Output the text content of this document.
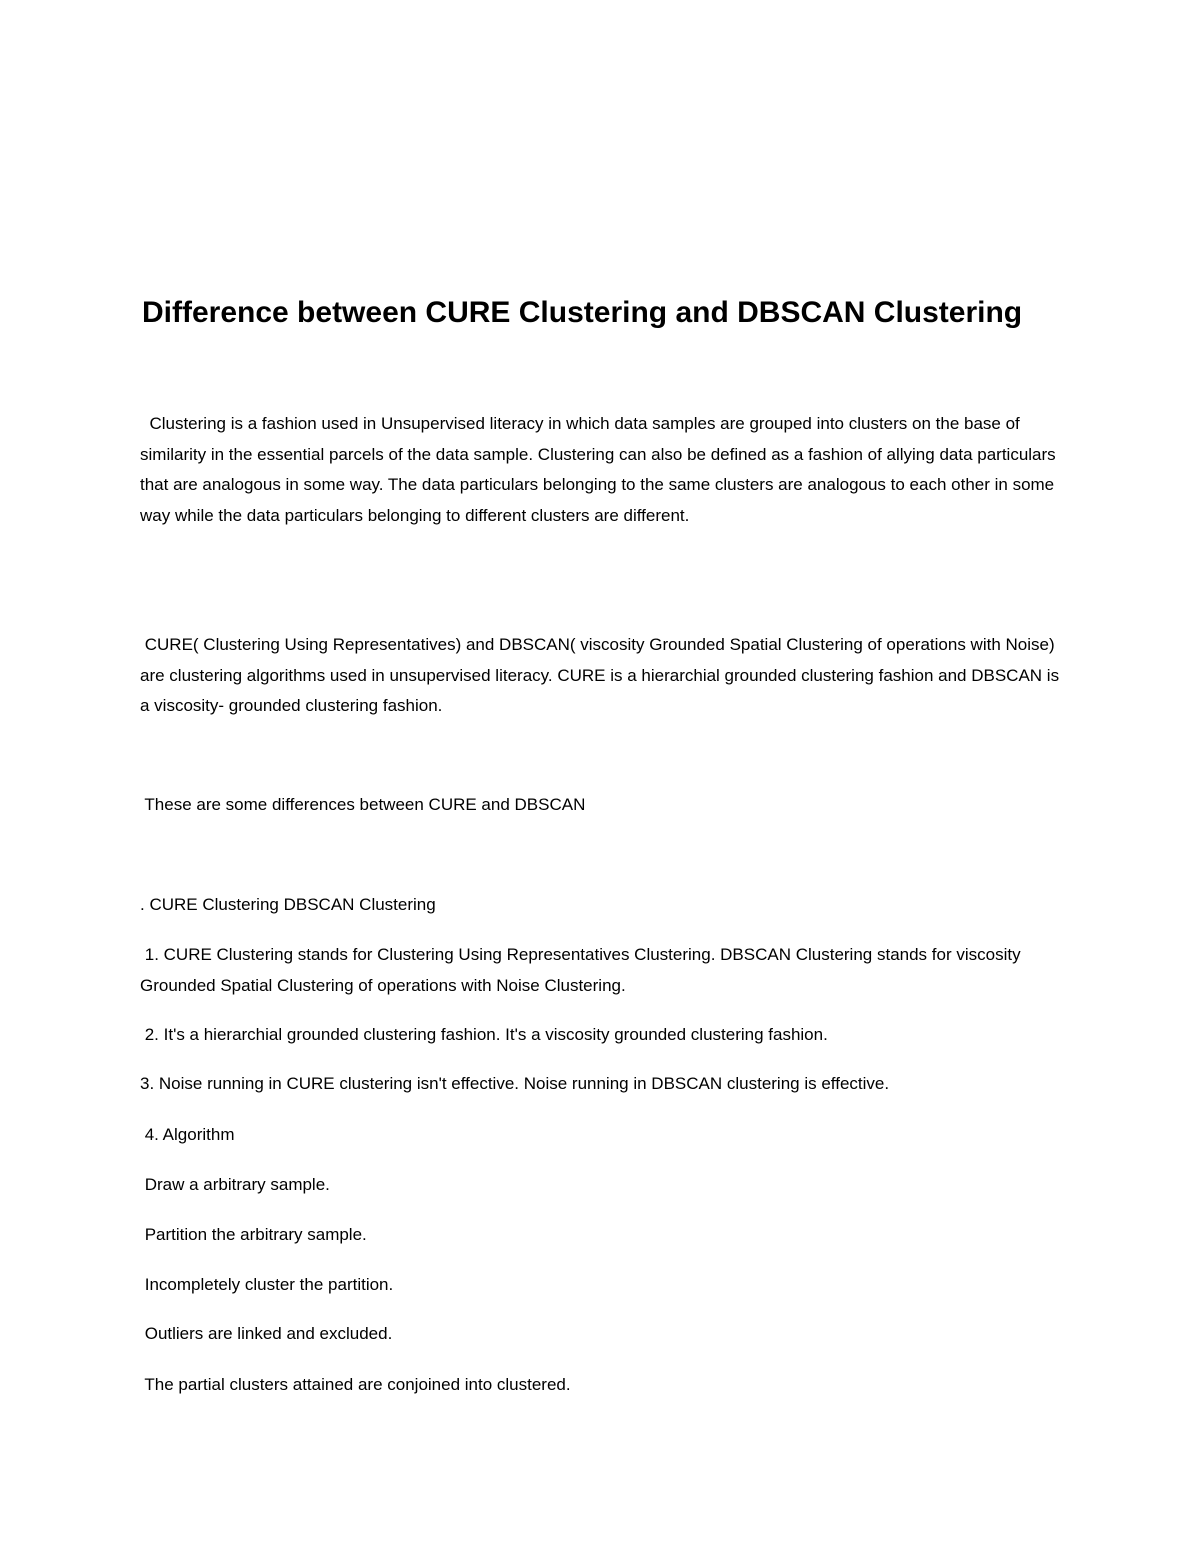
Difference between CURE Clustering and DBSCAN Clustering

Clustering is a fashion used in Unsupervised literacy in which data samples are grouped into clusters on the base of similarity in the essential parcels of the data sample. Clustering can also be defined as a fashion of allying data particulars that are analogous in some way. The data particulars belonging to the same clusters are analogous to each other in some way while the data particulars belonging to different clusters are different.

CURE( Clustering Using Representatives) and DBSCAN( viscosity Grounded Spatial Clustering of operations with Noise) are clustering algorithms used in unsupervised literacy. CURE is a hierarchial grounded clustering fashion and DBSCAN is a viscosity- grounded clustering fashion.

These are some differences between CURE and DBSCAN

. CURE Clustering DBSCAN Clustering

1. CURE Clustering stands for Clustering Using Representatives Clustering. DBSCAN Clustering stands for viscosity Grounded Spatial Clustering of operations with Noise Clustering.

2. It's a hierarchial grounded clustering fashion. It's a viscosity grounded clustering fashion.

3. Noise running in CURE clustering isn't effective. Noise running in DBSCAN clustering is effective.

4. Algorithm

Draw a arbitrary sample.

Partition the arbitrary sample.

Incompletely cluster the partition.

Outliers are linked and excluded.

The partial clusters attained are conjoined into clustered.
